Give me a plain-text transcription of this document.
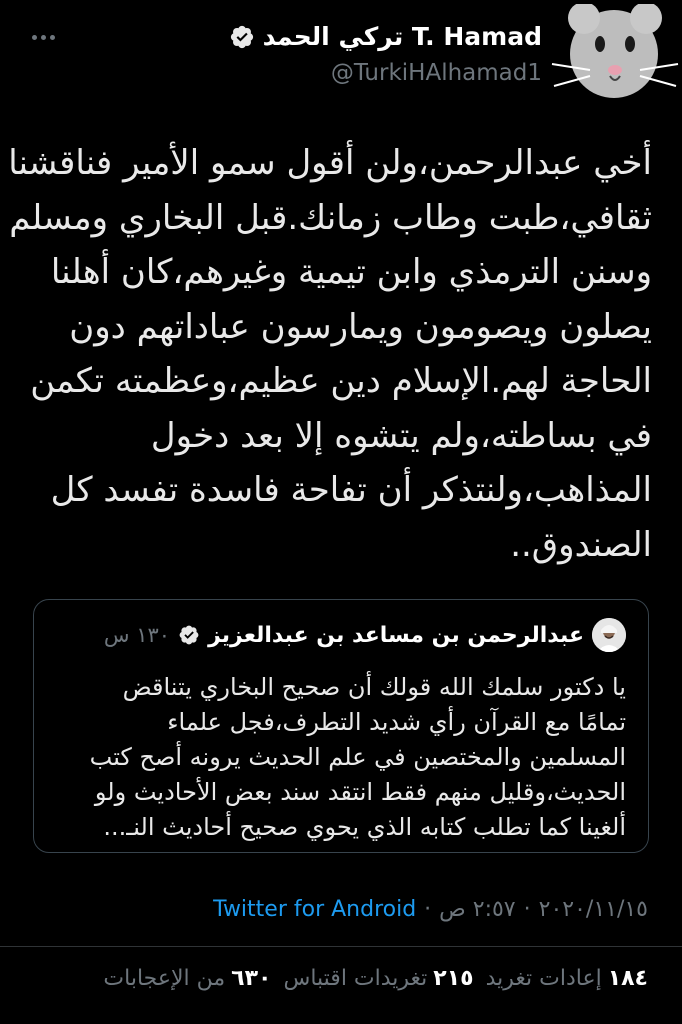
T. Hamad تركي الحمد
@TurkiHAlhamad1
أخي عبدالرحمن،ولن أقول سمو الأمير فناقشنا
ثقافي،طبت وطاب زمانك.قبل البخاري ومسلم
وسنن الترمذي وابن تيمية وغيرهم،كان أهلنا
يصلون ويصومون ويمارسون عباداتهم دون
الحاجة لهم.الإسلام دين عظيم،وعظمته تكمن
في بساطته،ولم يتشوه إلا بعد دخول
المذاهب،ولنتذكر أن تفاحة فاسدة تفسد كل
الصندوق..
عبدالرحمن بن مساعد بن عبدالعزيز
١٣٠ س
يا دكتور سلمك الله قولك أن صحيح البخاري يتناقض
تمامًا مع القرآن رأي شديد التطرف،فجل علماء
المسلمين والمختصين في علم الحديث يرونه أصح كتب
الحديث،وقليل منهم فقط انتقد سند بعض الأحاديث ولو
ألغينا كما تطلب كتابه الذي يحوي صحيح أحاديث النـ...
٢٠٢٠/١١/١٥
·
٢:٥٧ ص
·
Twitter for Android
١٨٤
إعادات تغريد
٢١٥
تغريدات اقتباس
٦٣٠
من الإعجابات
